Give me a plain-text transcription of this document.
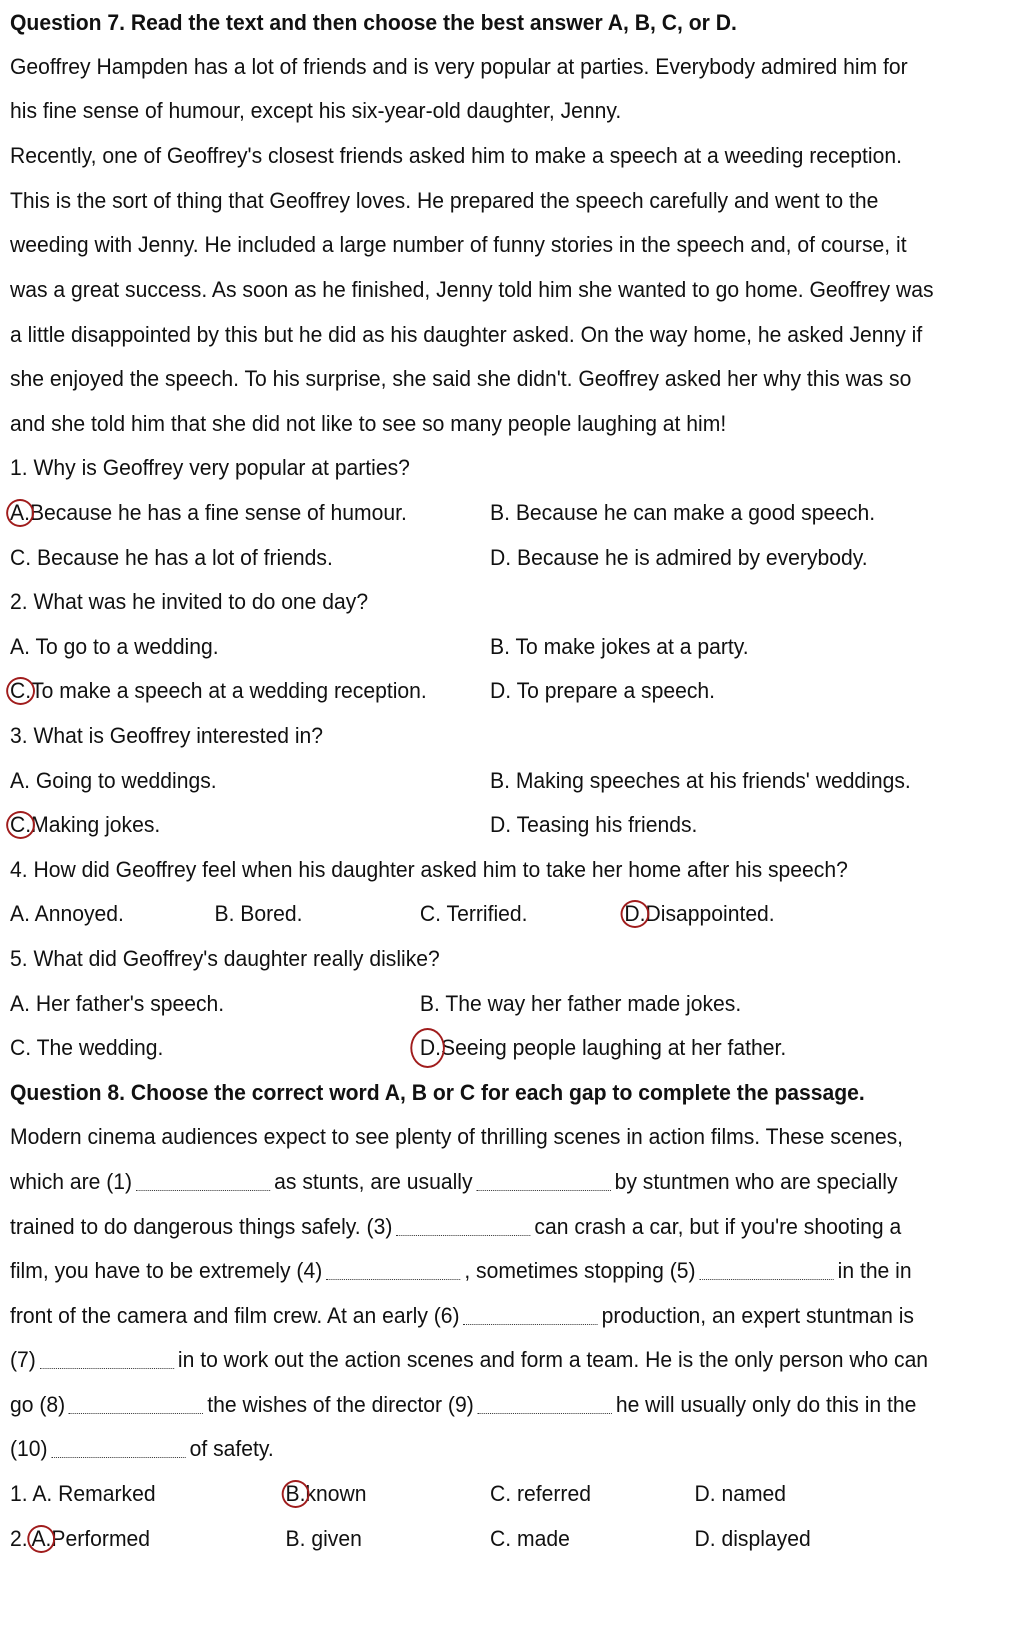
Question 7. Read the text and then choose the best answer A, B, C, or D.
Geoffrey Hampden has a lot of friends and is very popular at parties. Everybody admired him for
his fine sense of humour, except his six-year-old daughter, Jenny.
Recently, one of Geoffrey's closest friends asked him to make a speech at a weeding reception.
This is the sort of thing that Geoffrey loves. He prepared the speech carefully and went to the
weeding with Jenny. He included a large number of funny stories in the speech and, of course, it
was a great success. As soon as he finished, Jenny told him she wanted to go home. Geoffrey was
a little disappointed by this but he did as his daughter asked. On the way home, he asked Jenny if
she enjoyed the speech. To his surprise, she said she didn't. Geoffrey asked her why this was so
and she told him that she did not like to see so many people laughing at him!
1. Why is Geoffrey very popular at parties?
A.Because he has a fine sense of humour.	B. Because he can make a good speech.
C. Because he has a lot of friends.	D. Because he is admired by everybody.
2. What was he invited to do one day?
A. To go to a wedding.	B. To make jokes at a party.
C.To make a speech at a wedding reception.	D. To prepare a speech.
3. What is Geoffrey interested in?
A. Going to weddings.	B. Making speeches at his friends' weddings.
C.Making jokes.	D. Teasing his friends.
4. How did Geoffrey feel when his daughter asked him to take her home after his speech?
A. Annoyed.	B. Bored.	C. Terrified.	D.Disappointed.
5. What did Geoffrey's daughter really dislike?
A. Her father's speech.	B. The way her father made jokes.
C. The wedding.	D.Seeing people laughing at her father.
Question 8. Choose the correct word A, B or C for each gap to complete the passage.
Modern cinema audiences expect to see plenty of thrilling scenes in action films. These scenes,
which are (1)	as stunts, are usually	by stuntmen who are specially
trained to do dangerous things safely. (3)	can crash a car, but if you're shooting a
film, you have to be extremely (4)	, sometimes stopping (5)	in the in
front of the camera and film crew. At an early (6)	production, an expert stuntman is
(7)	in to work out the action scenes and form a team. He is the only person who can
go (8)	the wishes of the director (9)	he will usually only do this in the
(10)	of safety.
1. A. Remarked	B.known	C. referred	D. named
2. A.Performed	B. given	C. made	D. displayed
